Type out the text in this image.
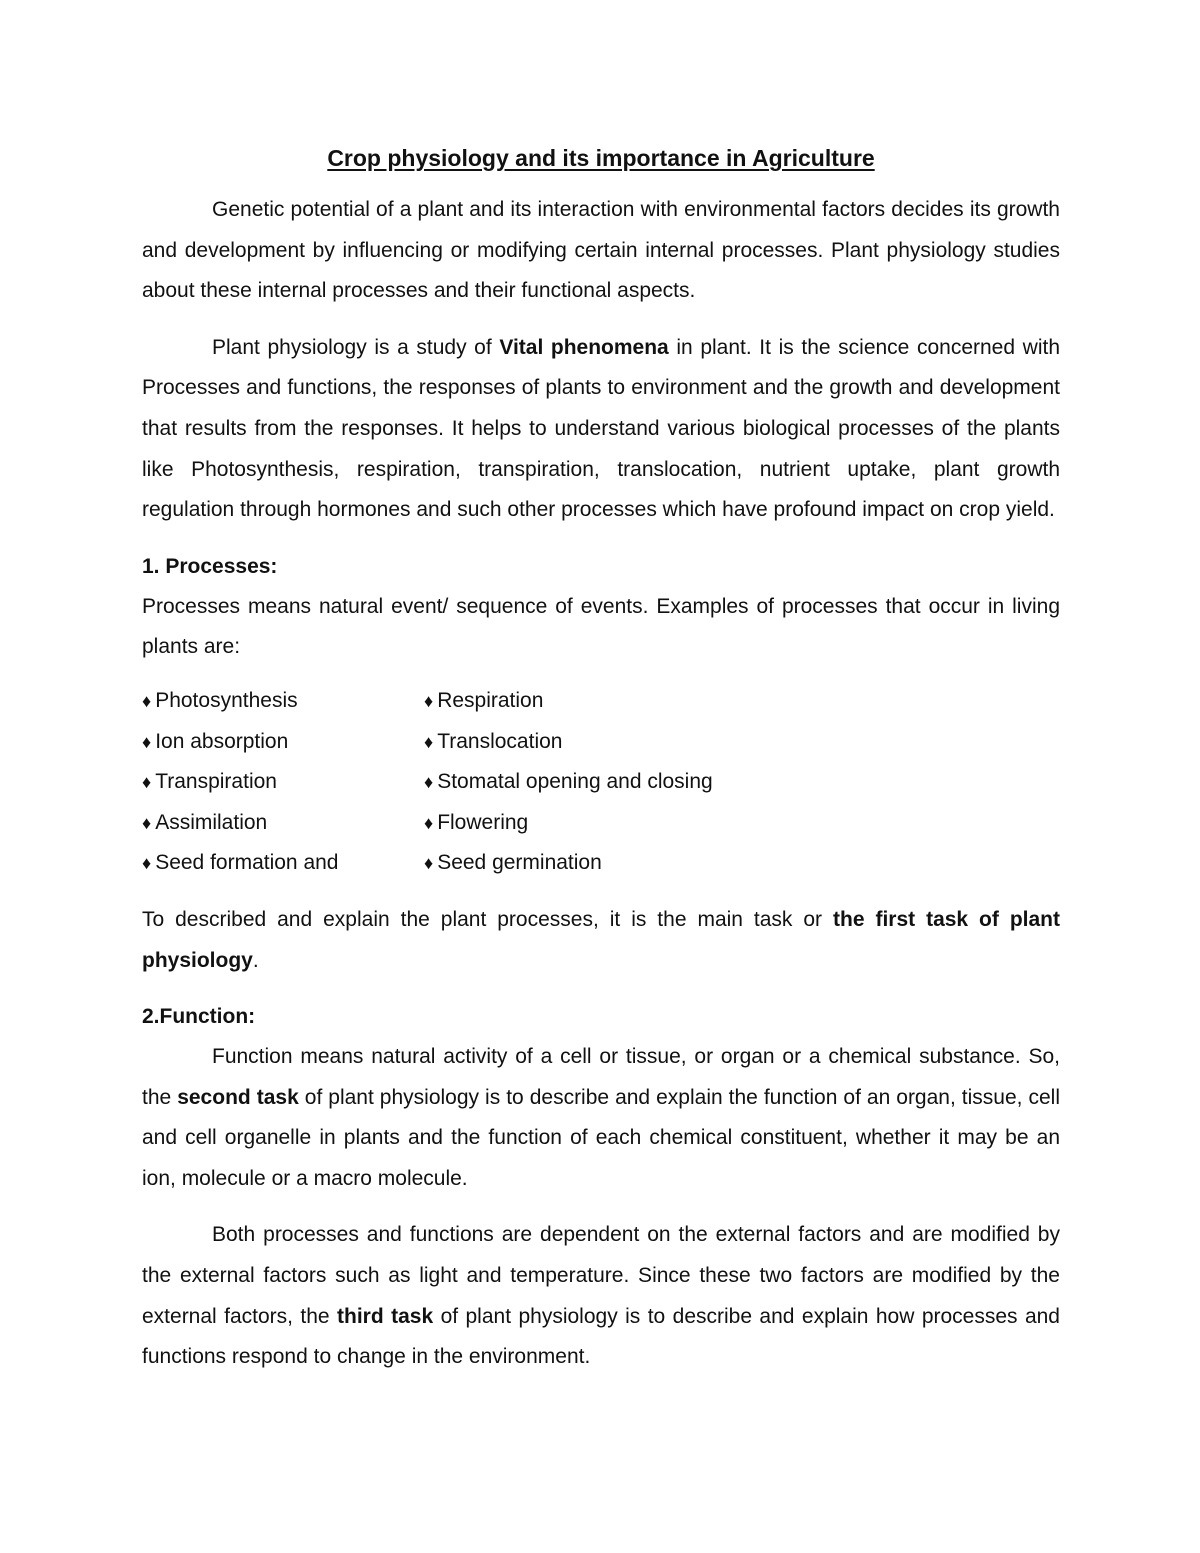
Crop physiology and its importance in Agriculture

Genetic potential of a plant and its interaction with environmental factors decides its growth and development by influencing or modifying certain internal processes. Plant physiology studies about these internal processes and their functional aspects.

Plant physiology is a study of Vital phenomena in plant. It is the science concerned with Processes and functions, the responses of plants to environment and the growth and development that results from the responses. It helps to understand various biological processes of the plants like Photosynthesis, respiration, transpiration, translocation, nutrient uptake, plant growth regulation through hormones and such other processes which have profound impact on crop yield.

1. Processes:

Processes means natural event/ sequence of events. Examples of processes that occur in living plants are:

♦ Photosynthesis	♦ Respiration
♦ Ion absorption	♦ Translocation
♦ Transpiration	♦ Stomatal opening and closing
♦ Assimilation	♦ Flowering
♦ Seed formation and	♦ Seed germination

To described and explain the plant processes, it is the main task or the first task of plant physiology.

2.Function:

Function means natural activity of a cell or tissue, or organ or a chemical substance. So, the second task of plant physiology is to describe and explain the function of an organ, tissue, cell and cell organelle in plants and the function of each chemical constituent, whether it may be an ion, molecule or a macro molecule.

Both processes and functions are dependent on the external factors and are modified by the external factors such as light and temperature. Since these two factors are modified by the external factors, the third task of plant physiology is to describe and explain how processes and functions respond to change in the environment.
